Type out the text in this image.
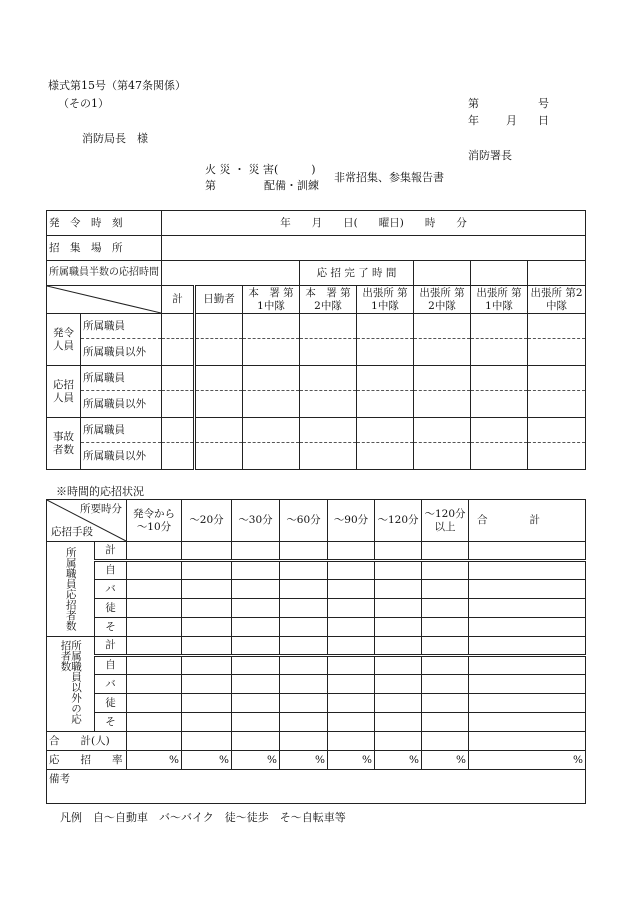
様式第15号（第47条関係）
（その1）	第	号
年 月 日
消防局長　様
消防署長
火 災 ・ 災 害(　　　)
第	配備・訓練
非常招集、参集報告書
発　令　時　刻		年　　月　　日(　　曜日)　　時　　分							
招　集　場　所									
所属職員半数の応招時間					応 招 完 了 時 間				

	計	日勤者	本　署 第1中隊	本　署 第2中隊	出張所 第1中隊	出張所 第2中隊	出張所 第1中隊	出張所 第2中隊
発令人員	所属職員								
	所属職員以外								
応招人員	所属職員								
	所属職員以外								
事故者数	所属職員								
	所属職員以外								
※時間的応招状況
所要時分
応招手段		発令から～10分	～20分	～30分	～60分	～90分	～120分	～120分以上	合　　　　計

所属職員応招者数	計								
	自								
	バ								
	徒								
	そ								

所属職員以外の応招者数	計								
	自								
	バ								
	徒								
	そ								
合　　計(人)									
応　　招　　率		%	%	%	%	%	%	%	%
備考									
凡例　自～自動車　バ～バイク　徒～徒歩　そ～自転車等
